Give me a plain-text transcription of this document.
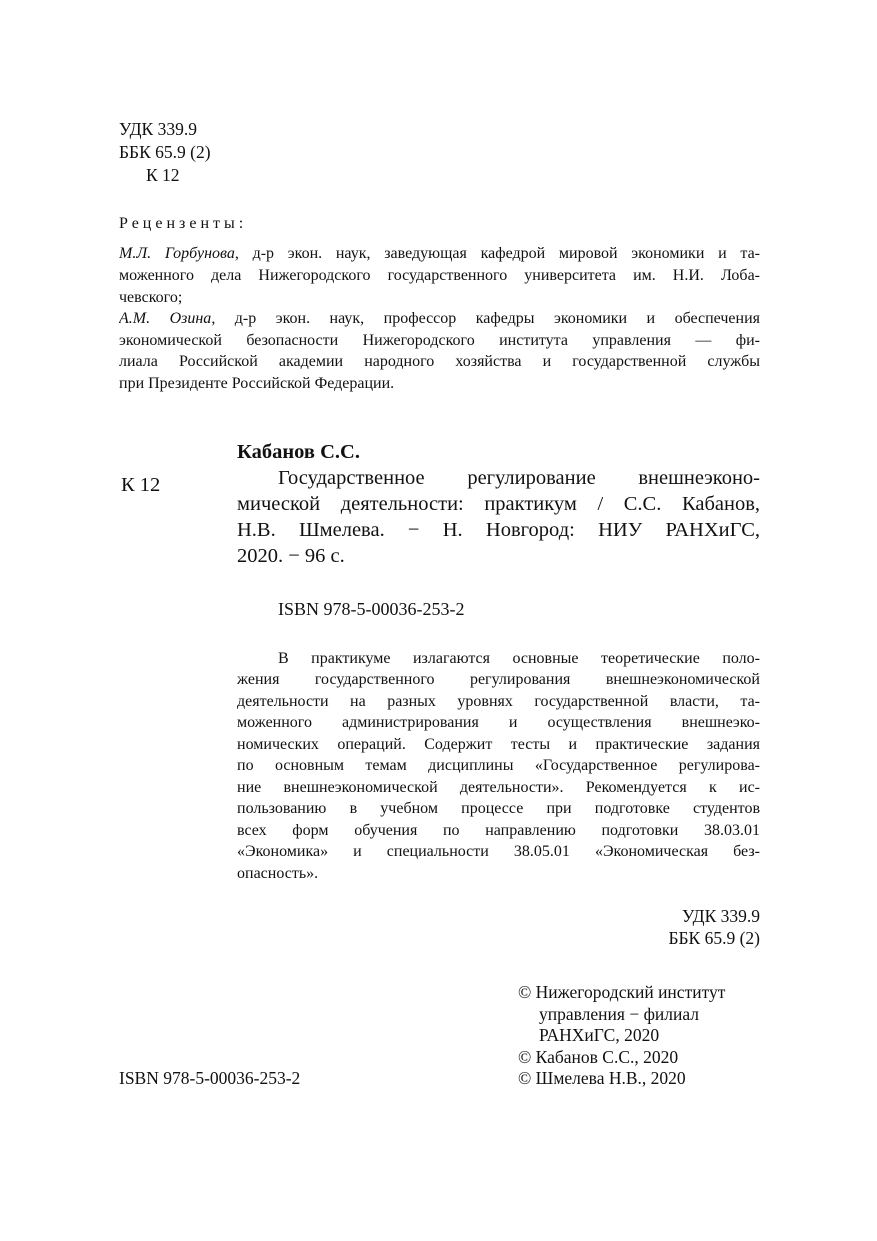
УДК 339.9
ББК 65.9 (2)
К 12
Рецензенты:
М.Л. Горбунова, д-р экон. наук, заведующая кафедрой мировой экономики и та-
моженного дела Нижегородского государственного университета им. Н.И. Лоба-
чевского;
А.М. Озина, д-р экон. наук, профессор кафедры экономики и обеспечения
экономической безопасности Нижегородского института управления — фи-
лиала Российской академии народного хозяйства и государственной службы
при Президенте Российской Федерации.
Кабанов С.С.
К 12	Государственное регулирование внешнеэконо-
мической деятельности: практикум / С.С. Кабанов,
Н.В. Шмелева. − Н. Новгород: НИУ РАНХиГС,
2020. − 96 с.
ISBN 978-5-00036-253-2
В практикуме излагаются основные теоретические поло-
жения государственного регулирования внешнеэкономической
деятельности на разных уровнях государственной власти, та-
моженного администрирования и осуществления внешнеэко-
номических операций. Содержит тесты и практические задания
по основным темам дисциплины «Государственное регулирова-
ние внешнеэкономической деятельности». Рекомендуется к ис-
пользованию в учебном процессе при подготовке студентов
всех форм обучения по направлению подготовки 38.03.01
«Экономика» и специальности 38.05.01 «Экономическая без-
опасность».
УДК 339.9
ББК 65.9 (2)
© Нижегородский институт
управления − филиал
РАНХиГС, 2020
© Кабанов С.С., 2020
© Шмелева Н.В., 2020
ISBN 978-5-00036-253-2
